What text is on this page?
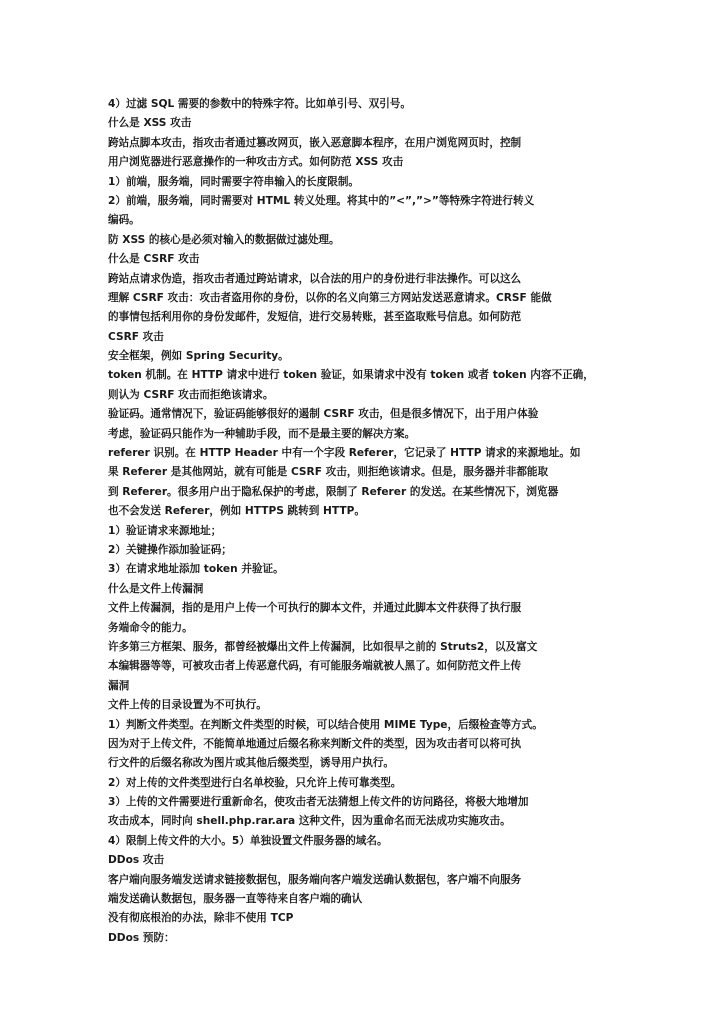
4）过滤 SQL 需要的参数中的特殊字符。比如单引号、双引号。
什么是 XSS 攻击
跨站点脚本攻击，指攻击者通过篡改网页，嵌入恶意脚本程序，在用户浏览网页时，控制
用户浏览器进行恶意操作的一种攻击方式。如何防范 XSS 攻击
1）前端，服务端，同时需要字符串输入的长度限制。
2）前端，服务端，同时需要对 HTML 转义处理。将其中的”<”,”>”等特殊字符进行转义
编码。
防 XSS 的核心是必须对输入的数据做过滤处理。
什么是 CSRF 攻击
跨站点请求伪造，指攻击者通过跨站请求，以合法的用户的身份进行非法操作。可以这么
理解 CSRF 攻击：攻击者盗用你的身份，以你的名义向第三方网站发送恶意请求。CRSF 能做
的事情包括利用你的身份发邮件，发短信，进行交易转账，甚至盗取账号信息。如何防范
CSRF 攻击
安全框架，例如 Spring Security。
token 机制。在 HTTP 请求中进行 token 验证，如果请求中没有 token 或者 token 内容不正确，
则认为 CSRF 攻击而拒绝该请求。
验证码。通常情况下，验证码能够很好的遏制 CSRF 攻击，但是很多情况下，出于用户体验
考虑，验证码只能作为一种辅助手段，而不是最主要的解决方案。
referer 识别。在 HTTP Header 中有一个字段 Referer，它记录了 HTTP 请求的来源地址。如
果 Referer 是其他网站，就有可能是 CSRF 攻击，则拒绝该请求。但是，服务器并非都能取
到 Referer。很多用户出于隐私保护的考虑，限制了 Referer 的发送。在某些情况下，浏览器
也不会发送 Referer，例如 HTTPS 跳转到 HTTP。
1）验证请求来源地址；
2）关键操作添加验证码；
3）在请求地址添加 token 并验证。
什么是文件上传漏洞
文件上传漏洞，指的是用户上传一个可执行的脚本文件，并通过此脚本文件获得了执行服
务端命令的能力。
许多第三方框架、服务，都曾经被爆出文件上传漏洞，比如很早之前的 Struts2，以及富文
本编辑器等等，可被攻击者上传恶意代码，有可能服务端就被人黑了。如何防范文件上传
漏洞
文件上传的目录设置为不可执行。
1）判断文件类型。在判断文件类型的时候，可以结合使用 MIME Type，后缀检查等方式。
因为对于上传文件，不能简单地通过后缀名称来判断文件的类型，因为攻击者可以将可执
行文件的后缀名称改为图片或其他后缀类型，诱导用户执行。
2）对上传的文件类型进行白名单校验，只允许上传可靠类型。
3）上传的文件需要进行重新命名，使攻击者无法猜想上传文件的访问路径，将极大地增加
攻击成本，同时向 shell.php.rar.ara 这种文件，因为重命名而无法成功实施攻击。
4）限制上传文件的大小。5）单独设置文件服务器的域名。
DDos 攻击
客户端向服务端发送请求链接数据包，服务端向客户端发送确认数据包，客户端不向服务
端发送确认数据包，服务器一直等待来自客户端的确认
没有彻底根治的办法，除非不使用 TCP
DDos 预防：
